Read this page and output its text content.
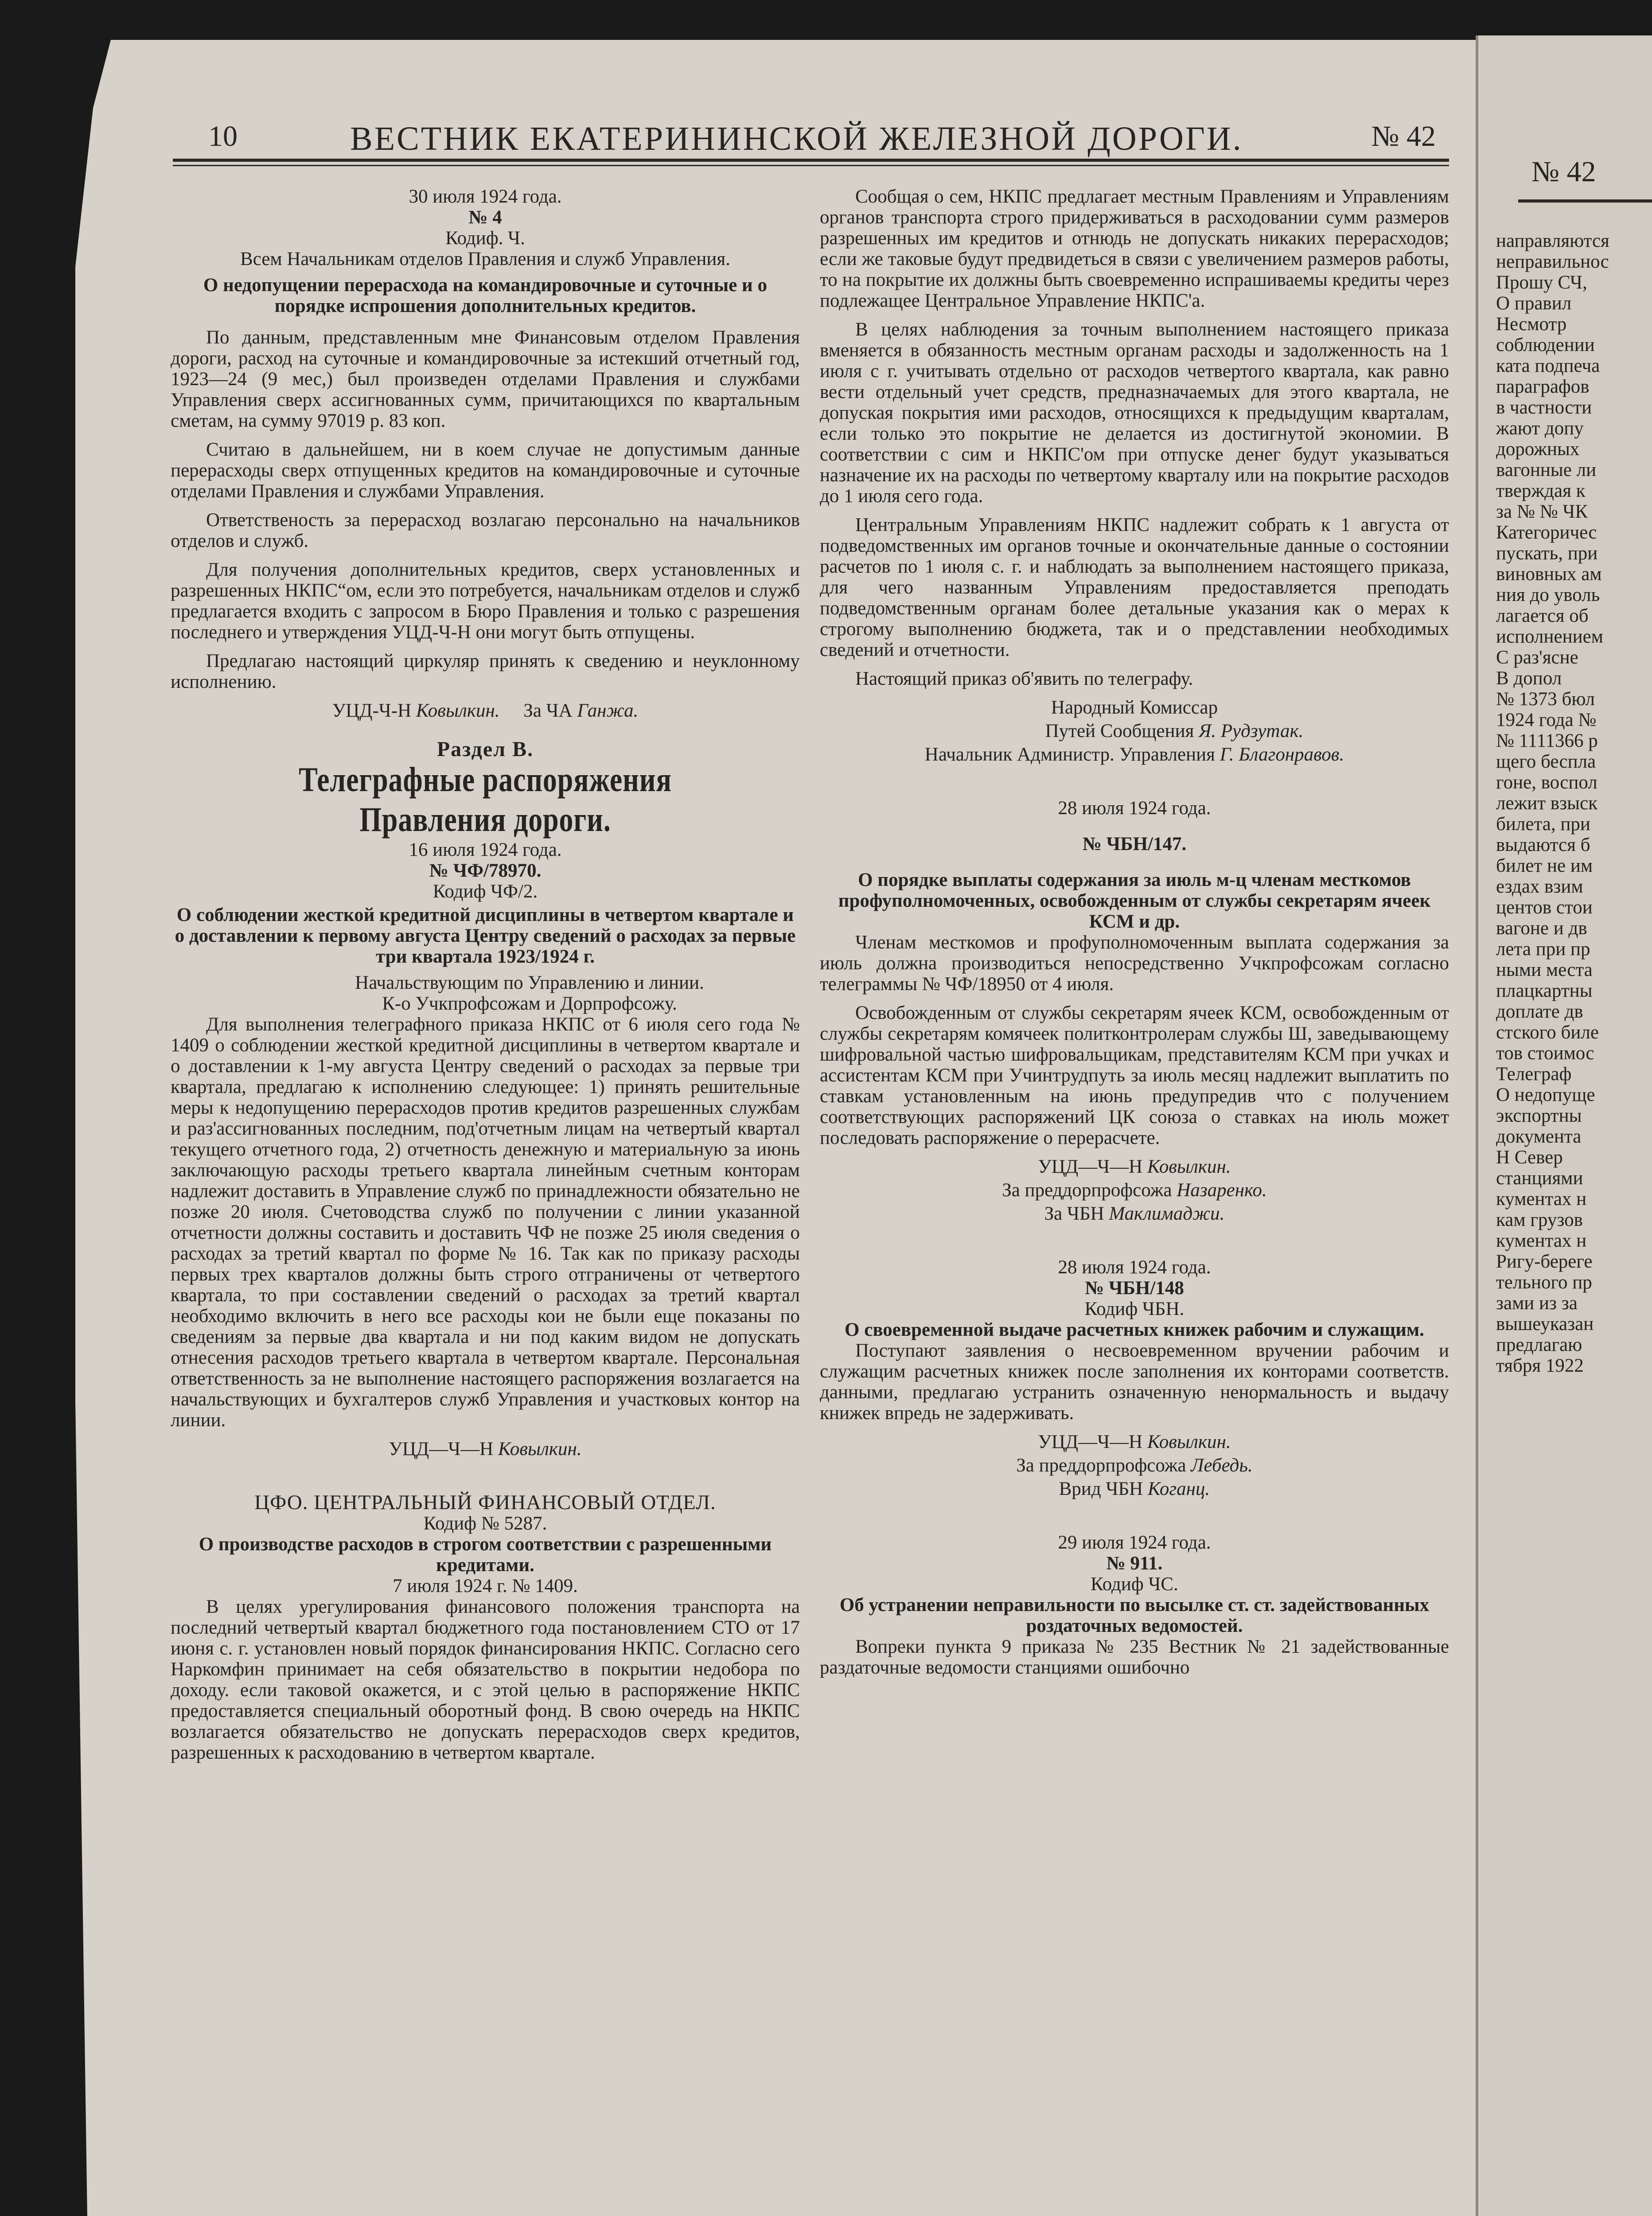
10	ВЕСТНИК ЕКАТЕРИНИНСКОЙ ЖЕЛЕЗНОЙ ДОРОГИ.	№ 42
30 июля 1924 года.
№ 4
Кодиф. Ч.
Всем Начальникам отделов Правления и служб Управления.
О недопущении перерасхода на командировочные и суточные и о порядке испрошения дополнительных кредитов.

По данным, представленным мне Финансовым отделом Правления дороги, расход на суточные и командировочные за истекший отчетный год, 1923—24 (9 мес,) был произведен отделами Правления и службами Управления сверх ассигнованных сумм, причитающихся по квартальным сметам, на сумму 97019 р. 83 коп.

Считаю в дальнейшем, ни в коем случае не допустимым данные перерасходы сверх отпущенных кредитов на командировочные и суточные отделами Правления и службами Управления.

Ответственость за перерасход возлагаю персонально на начальников отделов и служб.

Для получения дополнительных кредитов, сверх установленных и разрешенных НКПС“ом, если это потребуется, начальникам отделов и служб предлагается входить с запросом в Бюро Правления и только с разрешения последнего и утверждения УЦД-Ч-Н они могут быть отпущены.

Предлагаю настоящий циркуляр принять к сведению и неуклонному исполнению.

УЦД-Ч-Н Ковылкин. За ЧА Ганжа.
Раздел В.
Телеграфные распоряжения Правления дороги.
16 июля 1924 года.
№ ЧФ/78970.
Кодиф ЧФ/2.
О соблюдении жесткой кредитной дисциплины в четвертом квартале и о доставлении к первому августа Центру сведений о расходах за первые три квартала 1923/1924 г.
Начальствующим по Управлению и линии.
К-о Учкпрофсожам и Дорпрофсожу.

Для выполнения телеграфного приказа НКПС от 6 июля сего года № 1409 о соблюдении жесткой кредитной дисциплины в четвертом квартале и о доставлении к 1-му августа Центру сведений о расходах за первые три квартала, предлагаю к исполнению следующее: 1) принять решительные меры к недопущению перерасходов против кредитов разрешенных службам и раз'ассигнованных последним, под'отчетным лицам на четвертый квартал текущего отчетного года, 2) отчетность денежную и материальную за июнь заключающую расходы третьего квартала линейным счетным конторам надлежит доставить в Управление служб по принадлежности обязательно не позже 20 июля. Счетоводства служб по получении с линии указанной отчетности должны составить и доставить ЧФ не позже 25 июля сведения о расходах за третий квартал по форме № 16. Так как по приказу расходы первых трех кварталов должны быть строго отграничены от четвертого квартала, то при составлении сведений о расходах за третий квартал необходимо включить в него все расходы кои не были еще показаны по сведениям за первые два квартала и ни под каким видом не допускать отнесения расходов третьего квартала в четвертом квартале. Персональная ответственность за не выполнение настоящего распоряжения возлагается на начальствующих и бухгалтеров служб Управления и участковых контор на линии.

УЦД—Ч—Н Ковылкин.
ЦФО. ЦЕНТРАЛЬНЫЙ ФИНАНСОВЫЙ ОТДЕЛ.
Кодиф № 5287.
О производстве расходов в строгом соответствии с разрешенными кредитами.
7 июля 1924 г. № 1409.

В целях урегулирования финансового положения транспорта на последний четвертый квартал бюджетного года постановлением СТО от 17 июня с. г. установлен новый порядок финансирования НКПС. Согласно сего Наркомфин принимает на себя обязательство в покрытии недобора по доходу. если таковой окажется, и с этой целью в распоряжение НКПС предоставляется специальный оборотный фонд. В свою очередь на НКПС возлагается обязательство не допускать перерасходов сверх кредитов, разрешенных к расходованию в четвертом квартале.

Сообщая о сем, НКПС предлагает местным Правлениям и Управлениям органов транспорта строго придерживаться в расходовании сумм размеров разрешенных им кредитов и отнюдь не допускать никаких перерасходов; если же таковые будут предвидеться в связи с увеличением размеров работы, то на покрытие их должны быть своевременно испрашиваемы кредиты через подлежащее Центральное Управление НКПС'а.

В целях наблюдения за точным выполнением настоящего приказа вменяется в обязанность местным органам расходы и задолженность на 1 июля с г. учитывать отдельно от расходов четвертого квартала, как равно вести отдельный учет средств, предназначаемых для этого квартала, не допуская покрытия ими расходов, относящихся к предыдущим кварталам, если только это покрытие не делается из достигнутой экономии. В соответствии с сим и НКПС'ом при отпуске денег будут указываться назначение их на расходы по четвертому кварталу или на покрытие расходов до 1 июля сего года.

Центральным Управлениям НКПС надлежит собрать к 1 августа от подведомственных им органов точные и окончательные данные о состоянии расчетов по 1 июля с. г. и наблюдать за выполнением настоящего приказа, для чего названным Управлениям предоставляется преподать подведомственным органам более детальные указания как о мерах к строгому выполнению бюджета, так и о представлении необходимых сведений и отчетности.

Настоящий приказ об'явить по телеграфу.

Народный Комиссар
Путей Сообщения Я. Рудзутак.
Начальник Администр. Управления Г. Благонравов.
28 июля 1924 года.
№ ЧБН/147.
О порядке выплаты содержания за июль м-ц членам месткомов профуполномоченных, освобожденным от службы секретарям ячеек КСМ и др.

Членам месткомов и профуполномоченным выплата содержания за июль должна производиться непосредственно Учкпрофсожам согласно телеграммы № ЧФ/18950 от 4 июля.

Освобожденным от службы секретарям ячеек КСМ, освобожденным от службы секретарям комячеек политконтролерам службы Ш, заведывающему шифровальной частью шифровальщикам, представителям КСМ при учках и ассистентам КСМ при Учинтрудпуть за июль месяц надлежит выплатить по ставкам установленным на июнь предупредив что с получением соответствующих распоряжений ЦК союза о ставках на июль может последовать распоряжение о перерасчете.

УЦД—Ч—Н Ковылкин.
За преддорпрофсожа Назаренко.
За ЧБН Маклимаджи.
28 июля 1924 года.
№ ЧБН/148
Кодиф ЧБН.
О своевременной выдаче расчетных книжек рабочим и служащим.

Поступают заявления о несвоевременном вручении рабочим и служащим расчетных книжек после заполнения их конторами соответств. данными, предлагаю устранить означенную ненормальность и выдачу книжек впредь не задерживать.

УЦД—Ч—Н Ковылкин.
За преддорпрофсожа Лебедь.
Врид ЧБН Коганц.
29 июля 1924 года.
№ 911.
Кодиф ЧС.
Об устранении неправильности по высылке ст. ст. задействованных роздаточных ведомостей.

Вопреки пункта 9 приказа № 235 Вестник № 21 задействованные раздаточные ведомости станциями ошибочно

№ 42
направляются
неправильнос
Прошу СЧ,
О правил
Несмотр
соблюдении
ката подпеча
параграфов
в частности
жают допу
дорожных
вагонные ли
тверждая к
за № № ЧК
Категоричес
пускать, при
виновных ам
ния до уволь
лагается об
исполнением
С раз'ясне
В допол
№ 1373 бюл
1924 года №
№ 1111366 р
щего беспла
гоне, воспол
лежит взыск
билета, при
выдаются б
билет не им
ездах взим
центов стои
вагоне и дв
лета при пр
ными места
плацкартны
доплате дв
стского биле
тов стоимос
Телеграф
О недопуще
экспортны
документа
Н Север
станциями
кументах н
кам грузов
кументах н
Ригу-береге
тельного пр
зами из за
вышеуказан
предлагаю
тября 1922
